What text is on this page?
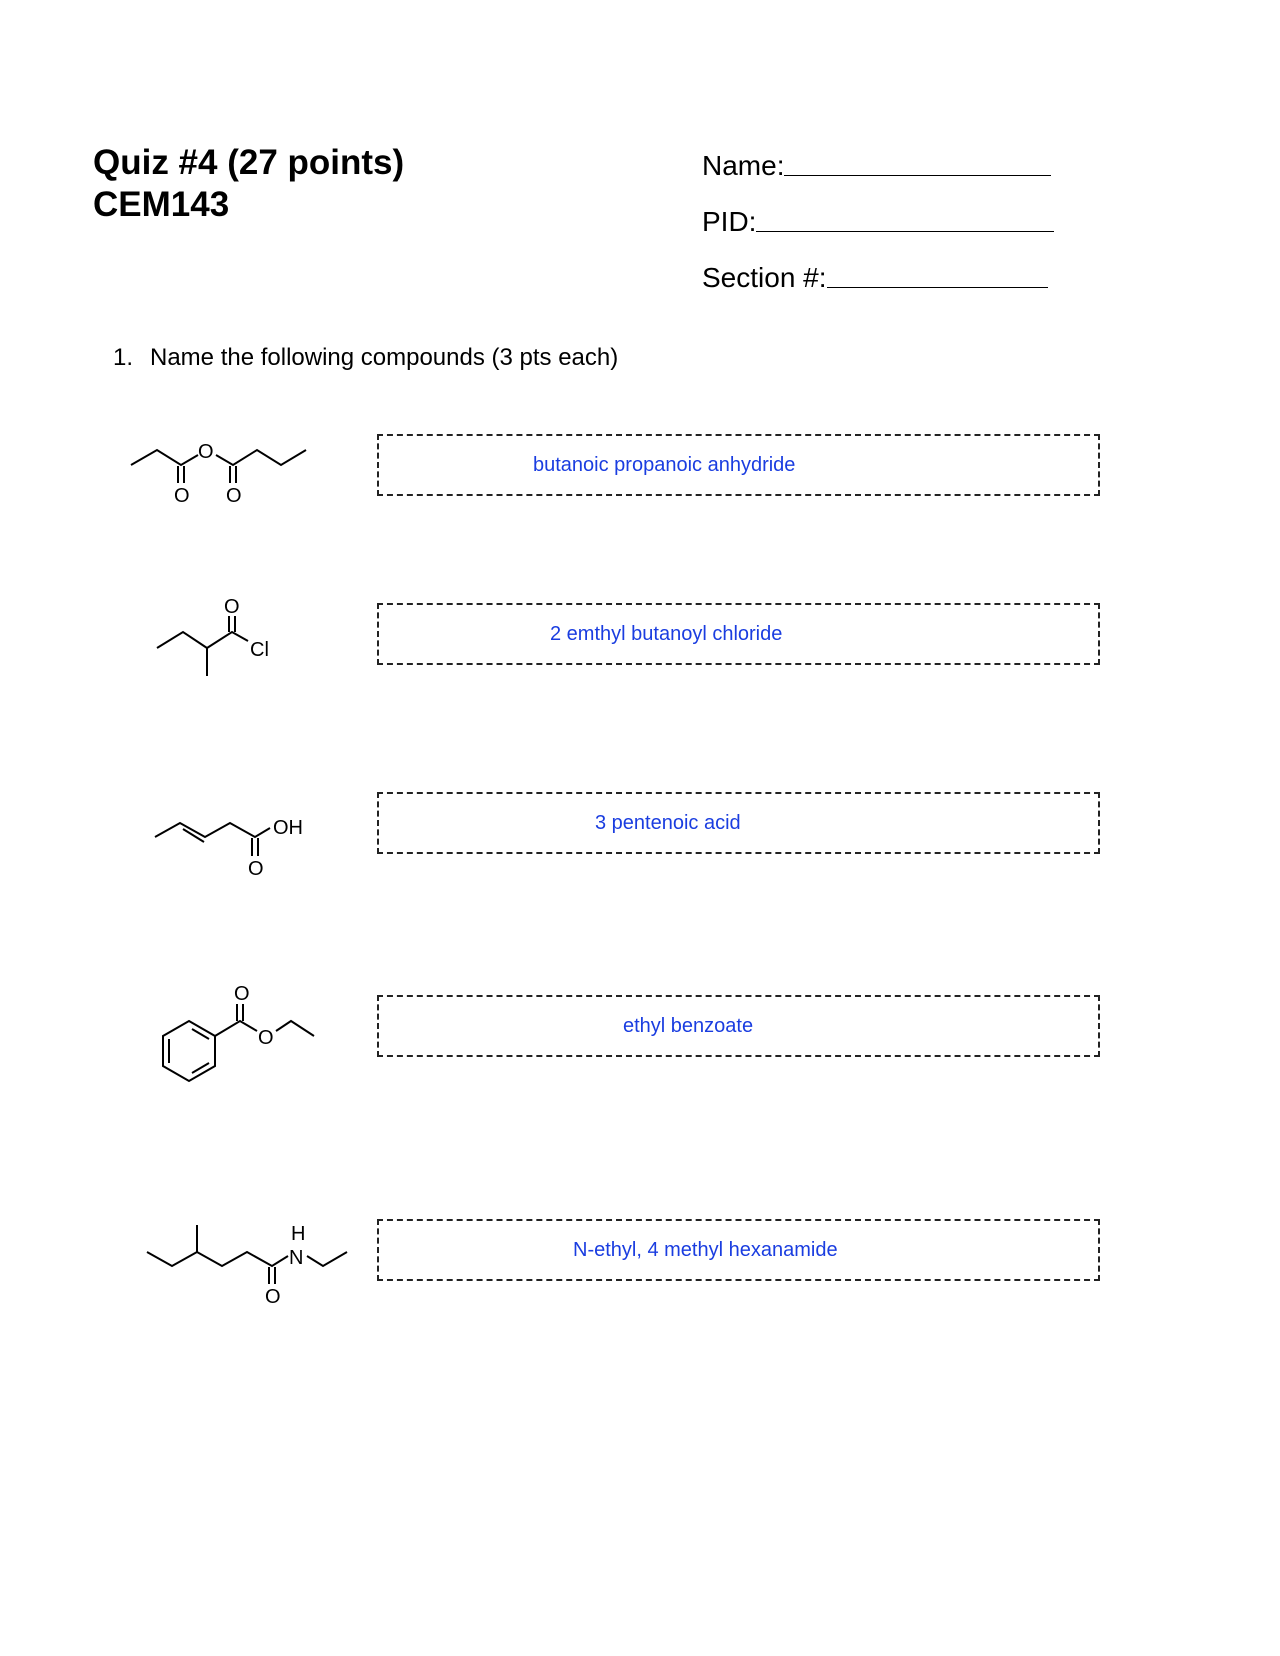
Quiz #4 (27 points)
CEM143
Name:
PID:
Section #:
1. Name the following compounds (3 pts each)
butanoic propanoic anhydride
2 emthyl butanoyl chloride
3 pentenoic acid
ethyl benzoate
N-ethyl, 4 methyl hexanamide
O
O O
O
Cl
OH
O
O
O
H
N
O
